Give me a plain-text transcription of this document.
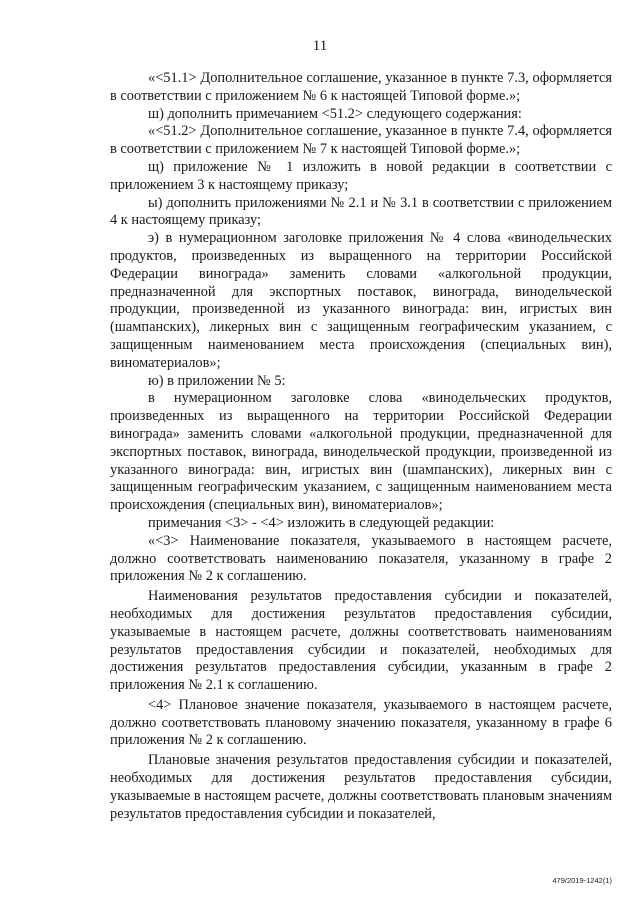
11

«<51.1> Дополнительное соглашение, указанное в пункте 7.3, оформляется в соответствии с приложением № 6 к настоящей Типовой форме.»;

ш) дополнить примечанием <51.2> следующего содержания:

«<51.2> Дополнительное соглашение, указанное в пункте 7.4, оформляется в соответствии с приложением № 7 к настоящей Типовой форме.»;

щ) приложение № 1 изложить в новой редакции в соответствии с приложением 3 к настоящему приказу;

ы) дополнить приложениями № 2.1 и № 3.1 в соответствии с приложением 4 к настоящему приказу;

э) в нумерационном заголовке приложения № 4 слова «винодельческих продуктов, произведенных из выращенного на территории Российской Федерации винограда» заменить словами «алкогольной продукции, предназначенной для экспортных поставок, винограда, винодельческой продукции, произведенной из указанного винограда: вин, игристых вин (шампанских), ликерных вин с защищенным географическим указанием, с защищенным наименованием места происхождения (специальных вин), виноматериалов»;

ю) в приложении № 5:

в нумерационном заголовке слова «винодельческих продуктов, произведенных из выращенного на территории Российской Федерации винограда» заменить словами «алкогольной продукции, предназначенной для экспортных поставок, винограда, винодельческой продукции, произведенной из указанного винограда: вин, игристых вин (шампанских), ликерных вин с защищенным географическим указанием, с защищенным наименованием места происхождения (специальных вин), виноматериалов»;

примечания <3> - <4> изложить в следующей редакции:

«<3> Наименование показателя, указываемого в настоящем расчете, должно соответствовать наименованию показателя, указанному в графе 2 приложения № 2 к соглашению.

Наименования результатов предоставления субсидии и показателей, необходимых для достижения результатов предоставления субсидии, указываемые в настоящем расчете, должны соответствовать наименованиям результатов предоставления субсидии и показателей, необходимых для достижения результатов предоставления субсидии, указанным в графе 2 приложения № 2.1 к соглашению.

<4> Плановое значение показателя, указываемого в настоящем расчете, должно соответствовать плановому значению показателя, указанному в графе 6 приложения № 2 к соглашению.

Плановые значения результатов предоставления субсидии и показателей, необходимых для достижения результатов предоставления субсидии, указываемые в настоящем расчете, должны соответствовать плановым значениям результатов предоставления субсидии и показателей,

479/2019-1242(1)
